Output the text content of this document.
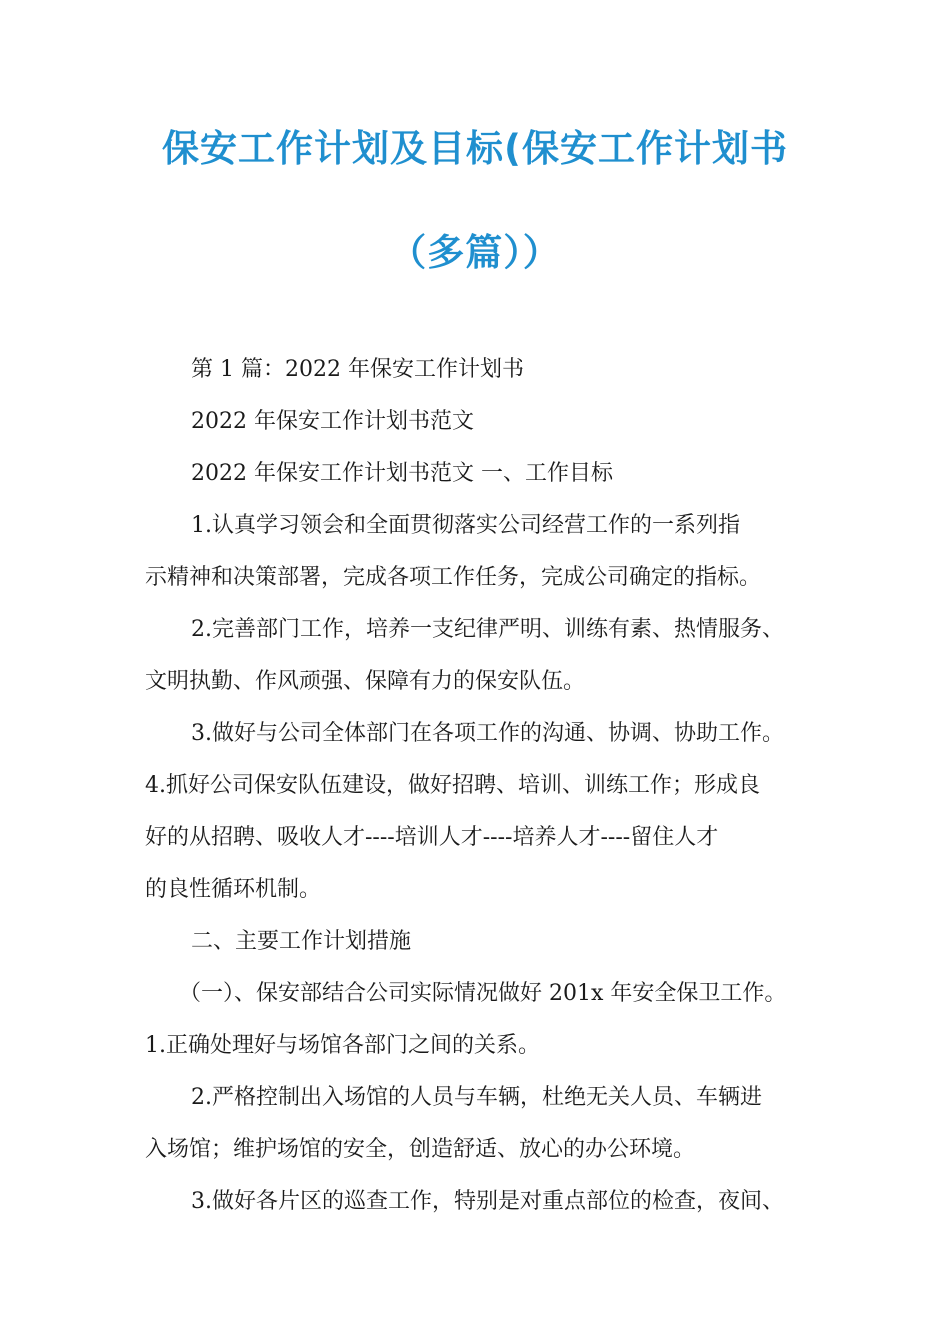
保安工作计划及目标(保安工作计划书
（多篇））

第 1 篇：2022 年保安工作计划书

2022 年保安工作计划书范文

2022 年保安工作计划书范文 一、工作目标

1.认真学习领会和全面贯彻落实公司经营工作的一系列指

示精神和决策部署，完成各项工作任务，完成公司确定的指标。

2.完善部门工作，培养一支纪律严明、训练有素、热情服务、

文明执勤、作风顽强、保障有力的保安队伍。

3.做好与公司全体部门在各项工作的沟通、协调、协助工作。

4.抓好公司保安队伍建设，做好招聘、培训、训练工作；形成良

好的从招聘、吸收人才----培训人才----培养人才----留住人才

的良性循环机制。

二、主要工作计划措施

（一）、保安部结合公司实际情况做好 201x 年安全保卫工作。

1.正确处理好与场馆各部门之间的关系。

2.严格控制出入场馆的人员与车辆，杜绝无关人员、车辆进

入场馆；维护场馆的安全，创造舒适、放心的办公环境。

3.做好各片区的巡查工作，特别是对重点部位的检查，夜间、
